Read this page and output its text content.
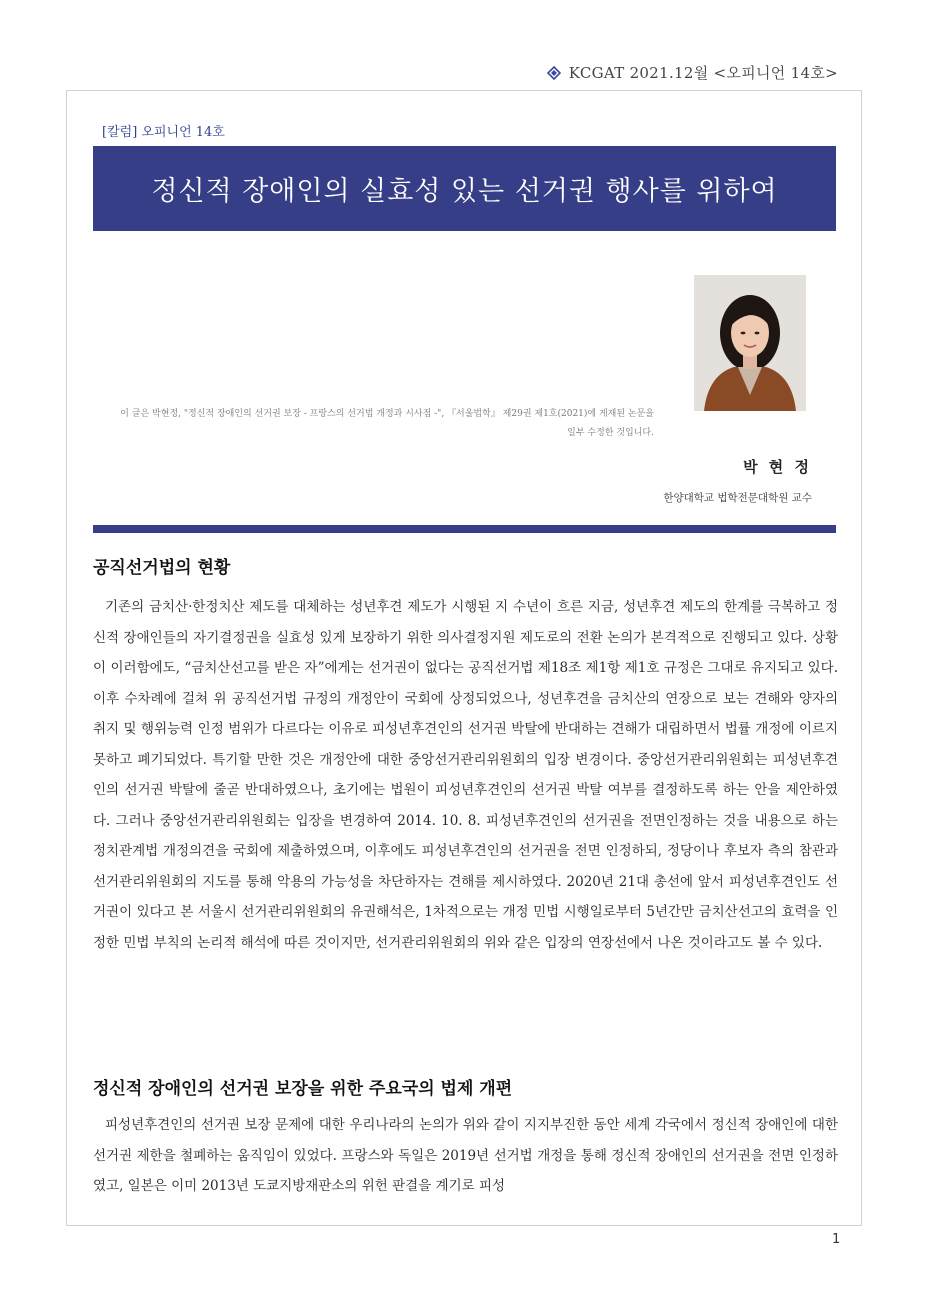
KCGAT 2021.12월 <오피니언 14호>
[칼럼] 오피니언 14호
정신적 장애인의 실효성 있는 선거권 행사를 위하여
이 글은 박현정, "정신적 장애인의 선거권 보장 - 프랑스의 선거법 개정과 시사점 -", 『서울법학』 제29권 제1호(2021)에 게재된 논문을 일부 수정한 것입니다.
박 현 정
한양대학교 법학전문대학원 교수
공직선거법의 현황

기존의 금치산·한정치산 제도를 대체하는 성년후견 제도가 시행된 지 수년이 흐른 지금, 성년후견 제도의 한계를 극복하고 정신적 장애인들의 자기결정권을 실효성 있게 보장하기 위한 의사결정지원 제도로의 전환 논의가 본격적으로 진행되고 있다. 상황이 이러함에도, “금치산선고를 받은 자”에게는 선거권이 없다는 공직선거법 제18조 제1항 제1호 규정은 그대로 유지되고 있다. 이후 수차례에 걸쳐 위 공직선거법 규정의 개정안이 국회에 상정되었으나, 성년후견을 금치산의 연장으로 보는 견해와 양자의 취지 및 행위능력 인정 범위가 다르다는 이유로 피성년후견인의 선거권 박탈에 반대하는 견해가 대립하면서 법률 개정에 이르지 못하고 폐기되었다. 특기할 만한 것은 개정안에 대한 중앙선거관리위원회의 입장 변경이다. 중앙선거관리위원회는 피성년후견인의 선거권 박탈에 줄곧 반대하였으나, 초기에는 법원이 피성년후견인의 선거권 박탈 여부를 결정하도록 하는 안을 제안하였다. 그러나 중앙선거관리위원회는 입장을 변경하여 2014. 10. 8. 피성년후견인의 선거권을 전면인정하는 것을 내용으로 하는 정치관계법 개정의견을 국회에 제출하였으며, 이후에도 피성년후견인의 선거권을 전면 인정하되, 정당이나 후보자 측의 참관과 선거관리위원회의 지도를 통해 악용의 가능성을 차단하자는 견해를 제시하였다. 2020년 21대 총선에 앞서 피성년후견인도 선거권이 있다고 본 서울시 선거관리위원회의 유권해석은, 1차적으로는 개정 민법 시행일로부터 5년간만 금치산선고의 효력을 인정한 민법 부칙의 논리적 해석에 따른 것이지만, 선거관리위원회의 위와 같은 입장의 연장선에서 나온 것이라고도 볼 수 있다.

정신적 장애인의 선거권 보장을 위한 주요국의 법제 개편

피성년후견인의 선거권 보장 문제에 대한 우리나라의 논의가 위와 같이 지지부진한 동안 세계 각국에서 정신적 장애인에 대한 선거권 제한을 철폐하는 움직임이 있었다. 프랑스와 독일은 2019년 선거법 개정을 통해 정신적 장애인의 선거권을 전면 인정하였고, 일본은 이미 2013년 도쿄지방재판소의 위헌 판결을 계기로 피성

1
